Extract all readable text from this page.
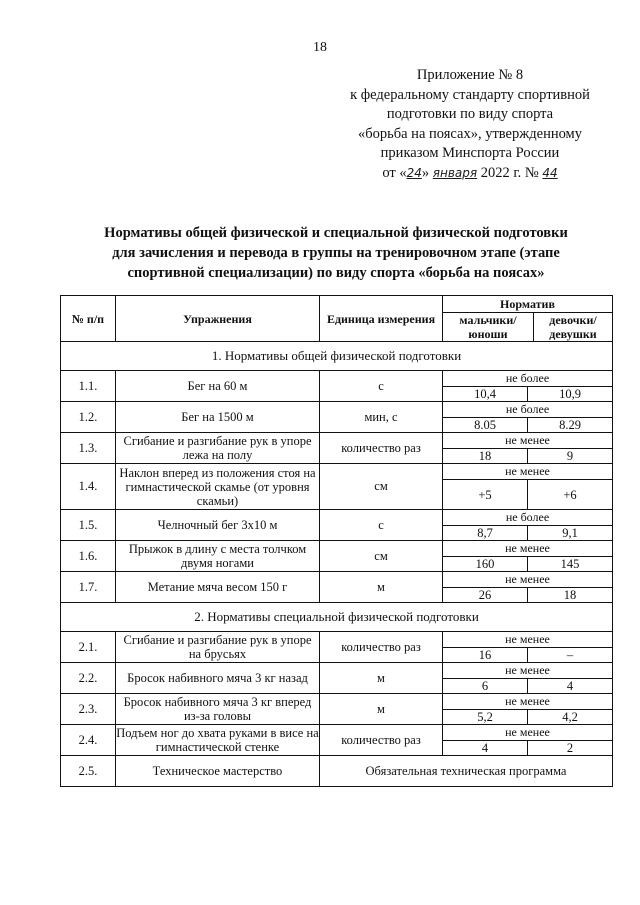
18
Приложение № 8
к федеральному стандарту спортивной
подготовки по виду спорта
«борьба на поясах», утвержденному
приказом Минспорта России
от «24» января 2022 г. № 44
Нормативы общей физической и специальной физической подготовки
для зачисления и перевода в группы на тренировочном этапе (этапе
спортивной специализации) по виду спорта «борьба на поясах»
№ п/п	Упражнения	Единица измерения	Норматив	
			мальчики/ юноши	девочки/ девушки
1. Нормативы общей физической подготовки				
1.1.	Бег на 60 м	с	не более
10,4 10,9	

1.2.	Бег на 1500 м	мин, с	не более
8.05 8.29	

1.3.	Сгибание и разгибание рук в упоре лежа на полу	количество раз	не менее
18 9	

1.4.	Наклон вперед из положения стоя на гимнастической скамье (от уровня скамьи)	см	не менее
+5 +6	

1.5.	Челночный бег 3х10 м	с	не более
8,7 9,1	

1.6.	Прыжок в длину с места толчком двумя ногами	см	не менее
160 145	

1.7.	Метание мяча весом 150 г	м	не менее
26 18	

2. Нормативы специальной физической подготовки				
2.1.	Сгибание и разгибание рук в упоре на брусьях	количество раз	не менее
16 –	

2.2.	Бросок набивного мяча 3 кг назад	м	не менее
6 4	

2.3.	Бросок набивного мяча 3 кг вперед из-за головы	м	не менее
5,2 4,2	

2.4.	Подъем ног до хвата руками в висе на гимнастической стенке	количество раз	не менее
4 2	

2.5.	Техническое мастерство	Обязательная техническая программа		
